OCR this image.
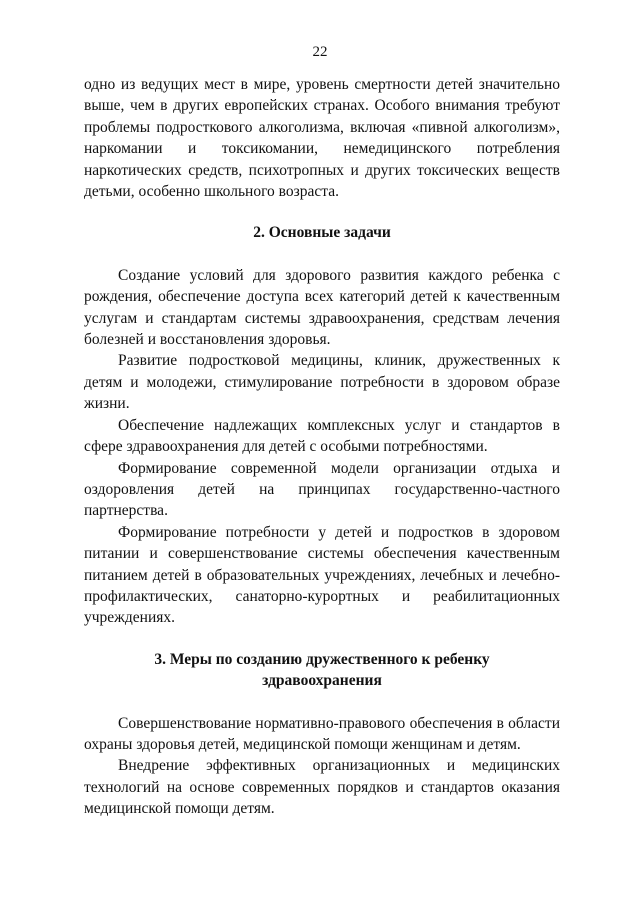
22

одно из ведущих мест в мире, уровень смертности детей значительно выше, чем в других европейских странах. Особого внимания требуют проблемы подросткового алкоголизма, включая «пивной алкоголизм», наркомании и токсикомании, немедицинского потребления наркотических средств, психотропных и других токсических веществ детьми, особенно школьного возраста.

2. Основные задачи

Создание условий для здорового развития каждого ребенка с рождения, обеспечение доступа всех категорий детей к качественным услугам и стандартам системы здравоохранения, средствам лечения болезней и восстановления здоровья.

Развитие подростковой медицины, клиник, дружественных к детям и молодежи, стимулирование потребности в здоровом образе жизни.

Обеспечение надлежащих комплексных услуг и стандартов в сфере здравоохранения для детей с особыми потребностями.

Формирование современной модели организации отдыха и оздоровления детей на принципах государственно-частного партнерства.

Формирование потребности у детей и подростков в здоровом питании и совершенствование системы обеспечения качественным питанием детей в образовательных учреждениях, лечебных и лечебно-профилактических, санаторно-курортных и реабилитационных учреждениях.

3. Меры по созданию дружественного к ребенку
здравоохранения

Совершенствование нормативно-правового обеспечения в области охраны здоровья детей, медицинской помощи женщинам и детям.

Внедрение эффективных организационных и медицинских технологий на основе современных порядков и стандартов оказания медицинской помощи детям.
